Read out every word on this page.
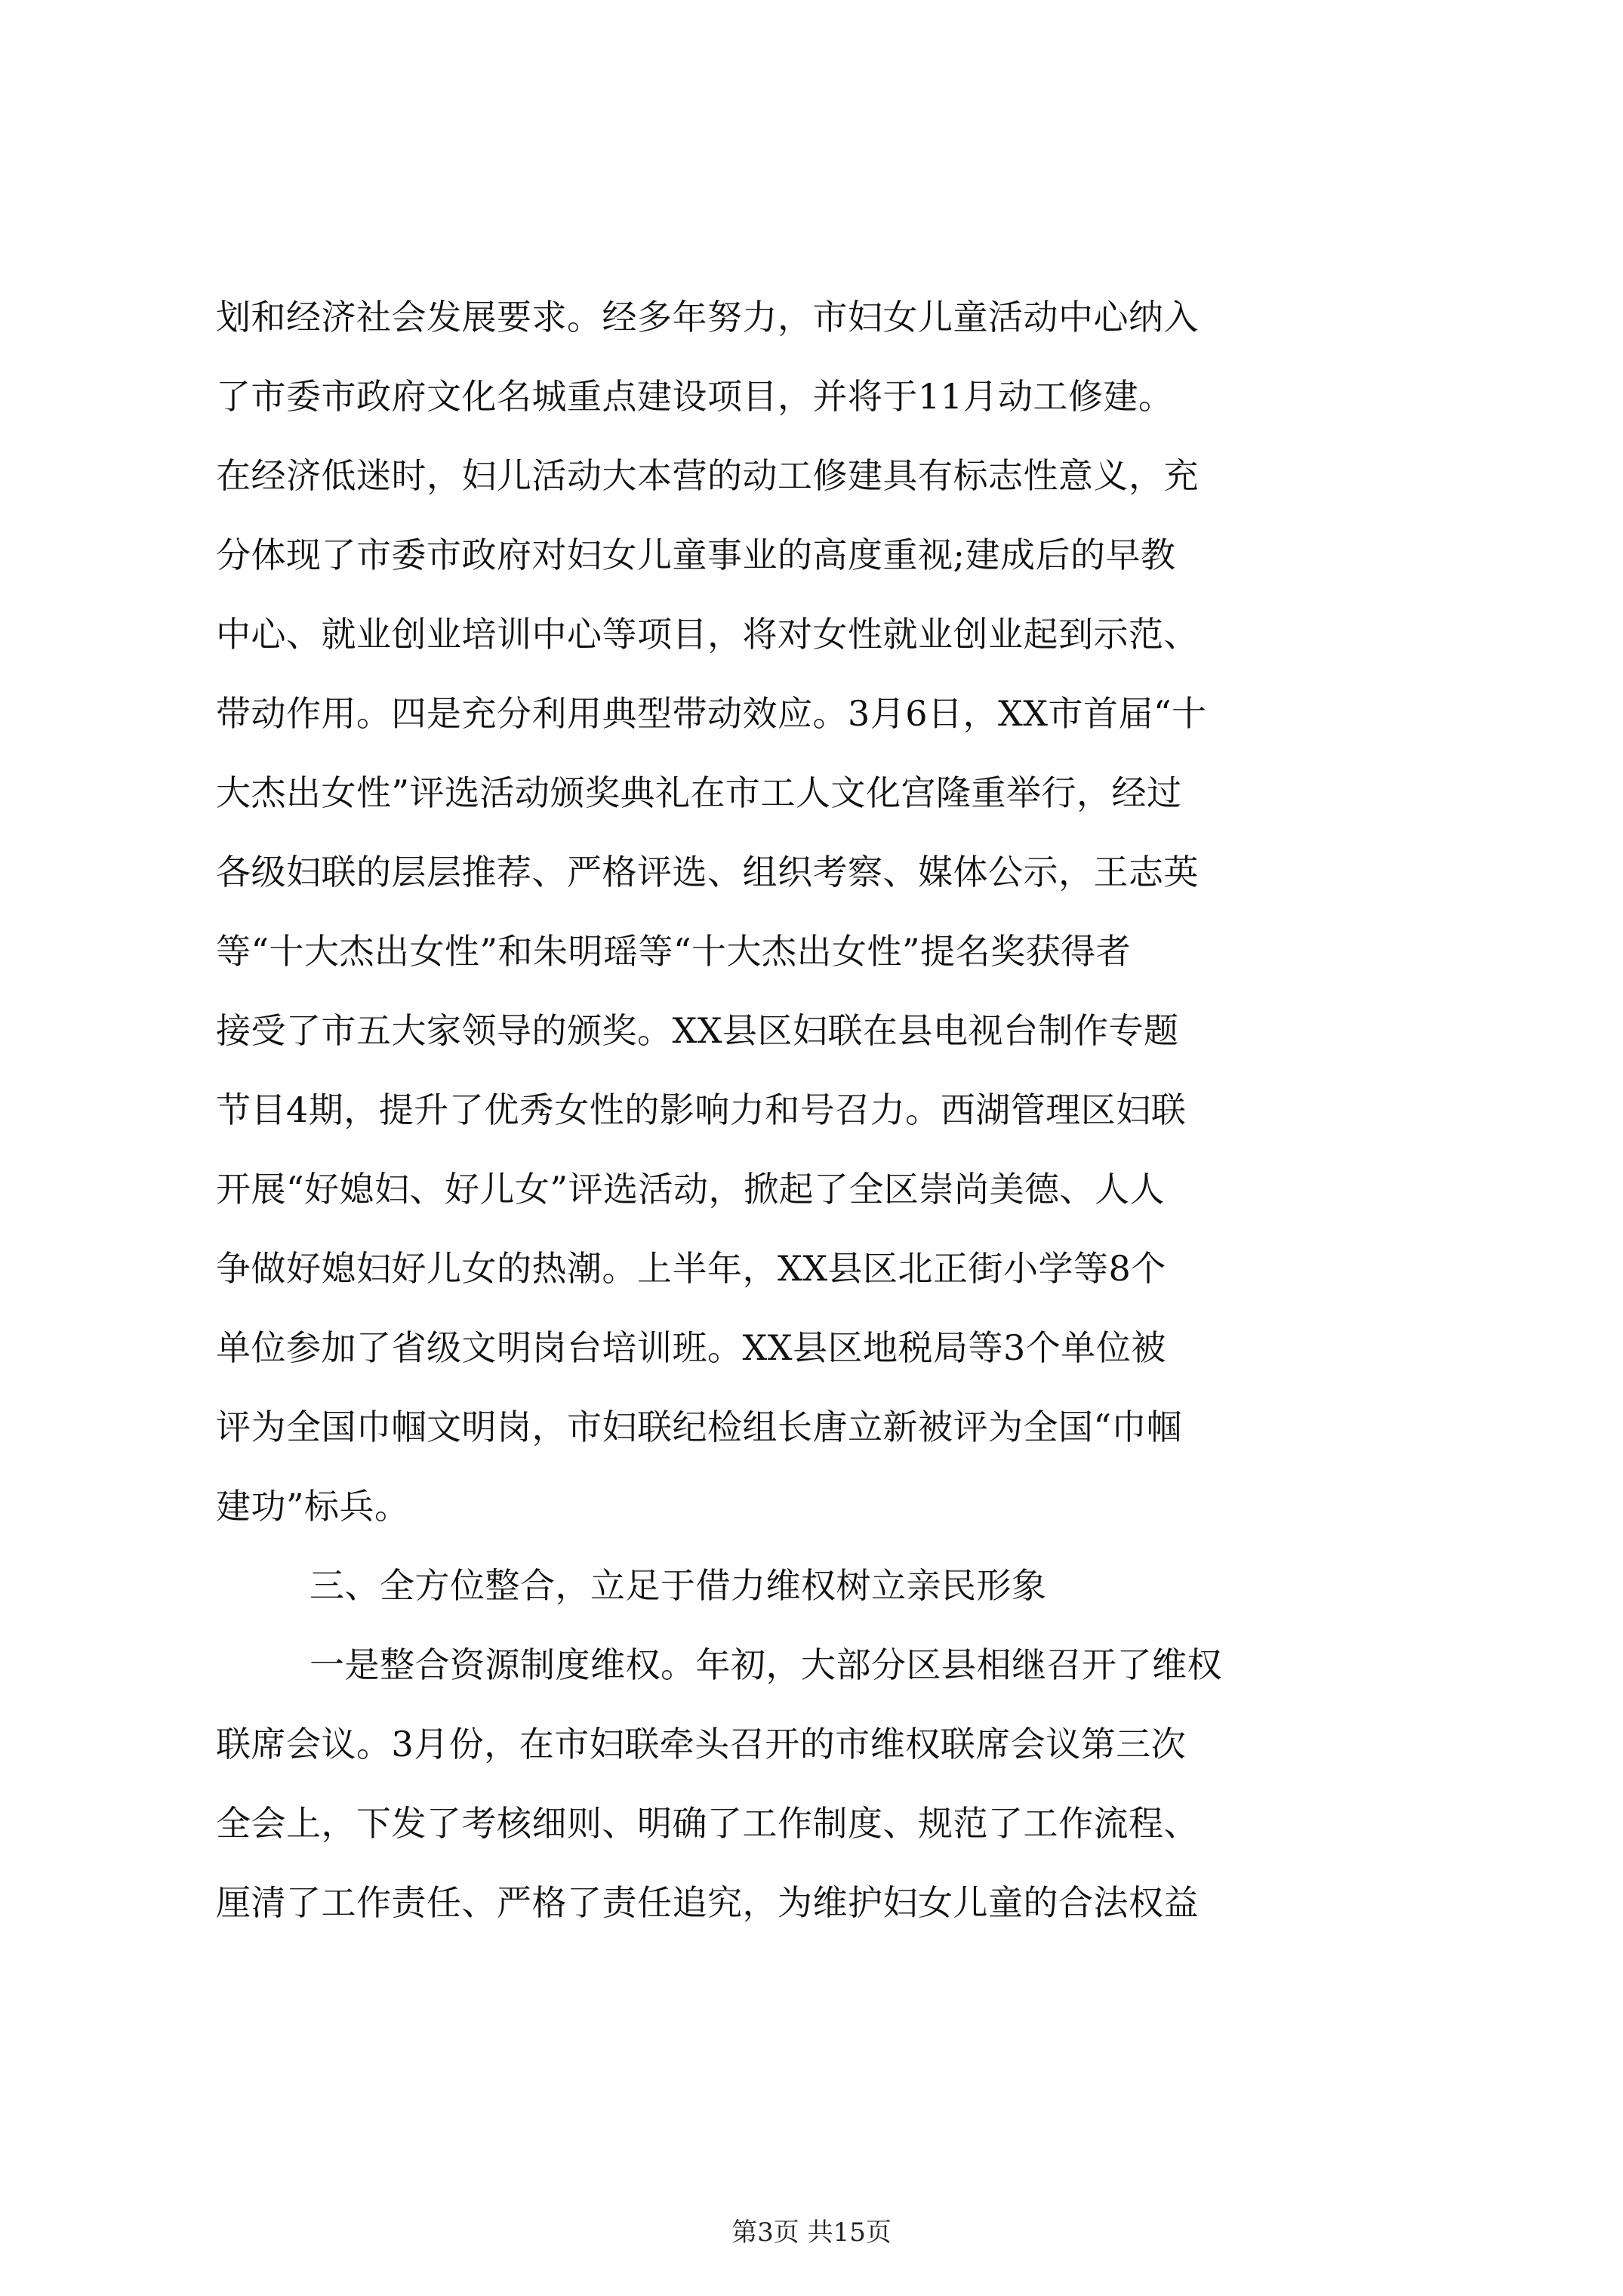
划和经济社会发展要求。经多年努力，市妇女儿童活动中心纳入
了市委市政府文化名城重点建设项目，并将于11月动工修建。
在经济低迷时，妇儿活动大本营的动工修建具有标志性意义，充
分体现了市委市政府对妇女儿童事业的高度重视;建成后的早教
中心、就业创业培训中心等项目，将对女性就业创业起到示范、
带动作用。四是充分利用典型带动效应。3月6日，XX市首届“十
大杰出女性”评选活动颁奖典礼在市工人文化宫隆重举行，经过
各级妇联的层层推荐、严格评选、组织考察、媒体公示，王志英
等“十大杰出女性”和朱明瑶等“十大杰出女性”提名奖获得者
接受了市五大家领导的颁奖。XX县区妇联在县电视台制作专题
节目4期，提升了优秀女性的影响力和号召力。西湖管理区妇联
开展“好媳妇、好儿女”评选活动，掀起了全区崇尚美德、人人
争做好媳妇好儿女的热潮。上半年，XX县区北正街小学等8个
单位参加了省级文明岗台培训班。XX县区地税局等3个单位被
评为全国巾帼文明岗，市妇联纪检组长唐立新被评为全国“巾帼
建功”标兵。
三、全方位整合，立足于借力维权树立亲民形象
一是整合资源制度维权。年初，大部分区县相继召开了维权
联席会议。3月份，在市妇联牵头召开的市维权联席会议第三次
全会上，下发了考核细则、明确了工作制度、规范了工作流程、
厘清了工作责任、严格了责任追究，为维护妇女儿童的合法权益
第3页 共15页
